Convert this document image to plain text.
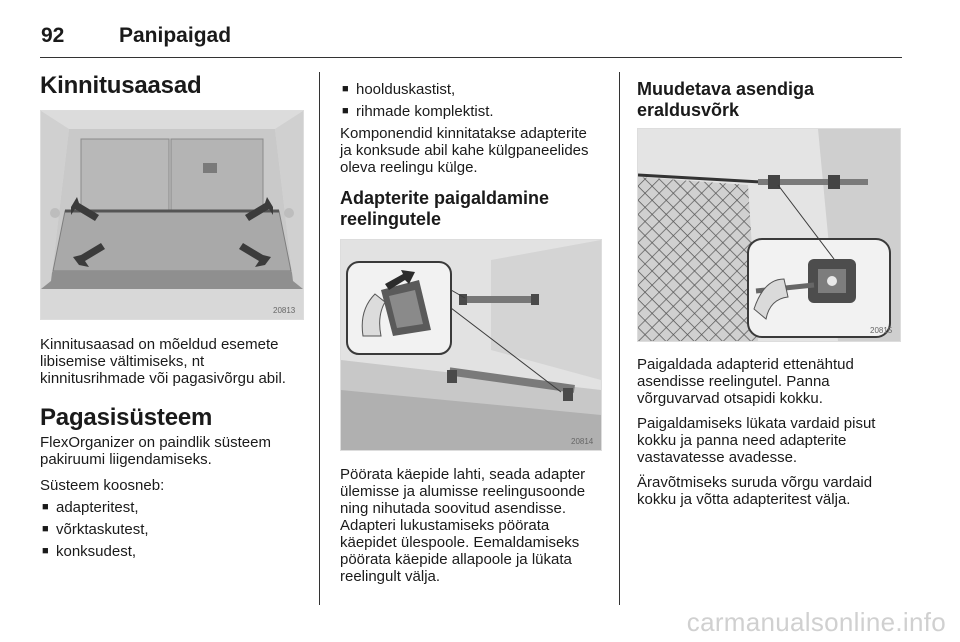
92	Panipaigad
Kinnitusaasad
20813

Kinnitusaasad on mõeldud esemete libisemise vältimiseks, nt kinnitusrihmade või pagasivõrgu abil.

Pagasisüsteem

FlexOrganizer on paindlik süsteem pakiruumi liigendamiseks.

Süsteem koosneb:

■ adapteritest,
■ võrktaskutest,
■ konksudest,
■ hoolduskastist,
■ rihmade komplektist.

Komponendid kinnitatakse adapterite ja konksude abil kahe külgpaneelides oleva reelingu külge.

Adapterite paigaldamine reelingutele
20814

Pöörata käepide lahti, seada adapter ülemisse ja alumisse reelingusoonde ning nihutada soovitud asendisse. Adapteri lukustamiseks pöörata käepidet ülespoole. Eemaldamiseks pöörata käepide allapoole ja lükata reelingult välja.

Muudetava asendiga eraldusvõrk
20815

Paigaldada adapterid ettenähtud asendisse reelingutel. Panna võrguvarvad otsapidi kokku.

Paigaldamiseks lükata vardaid pisut kokku ja panna need adapterite vastavatesse avadesse.

Äravõtmiseks suruda võrgu vardaid kokku ja võtta adapteritest välja.

carmanualsonline.info
